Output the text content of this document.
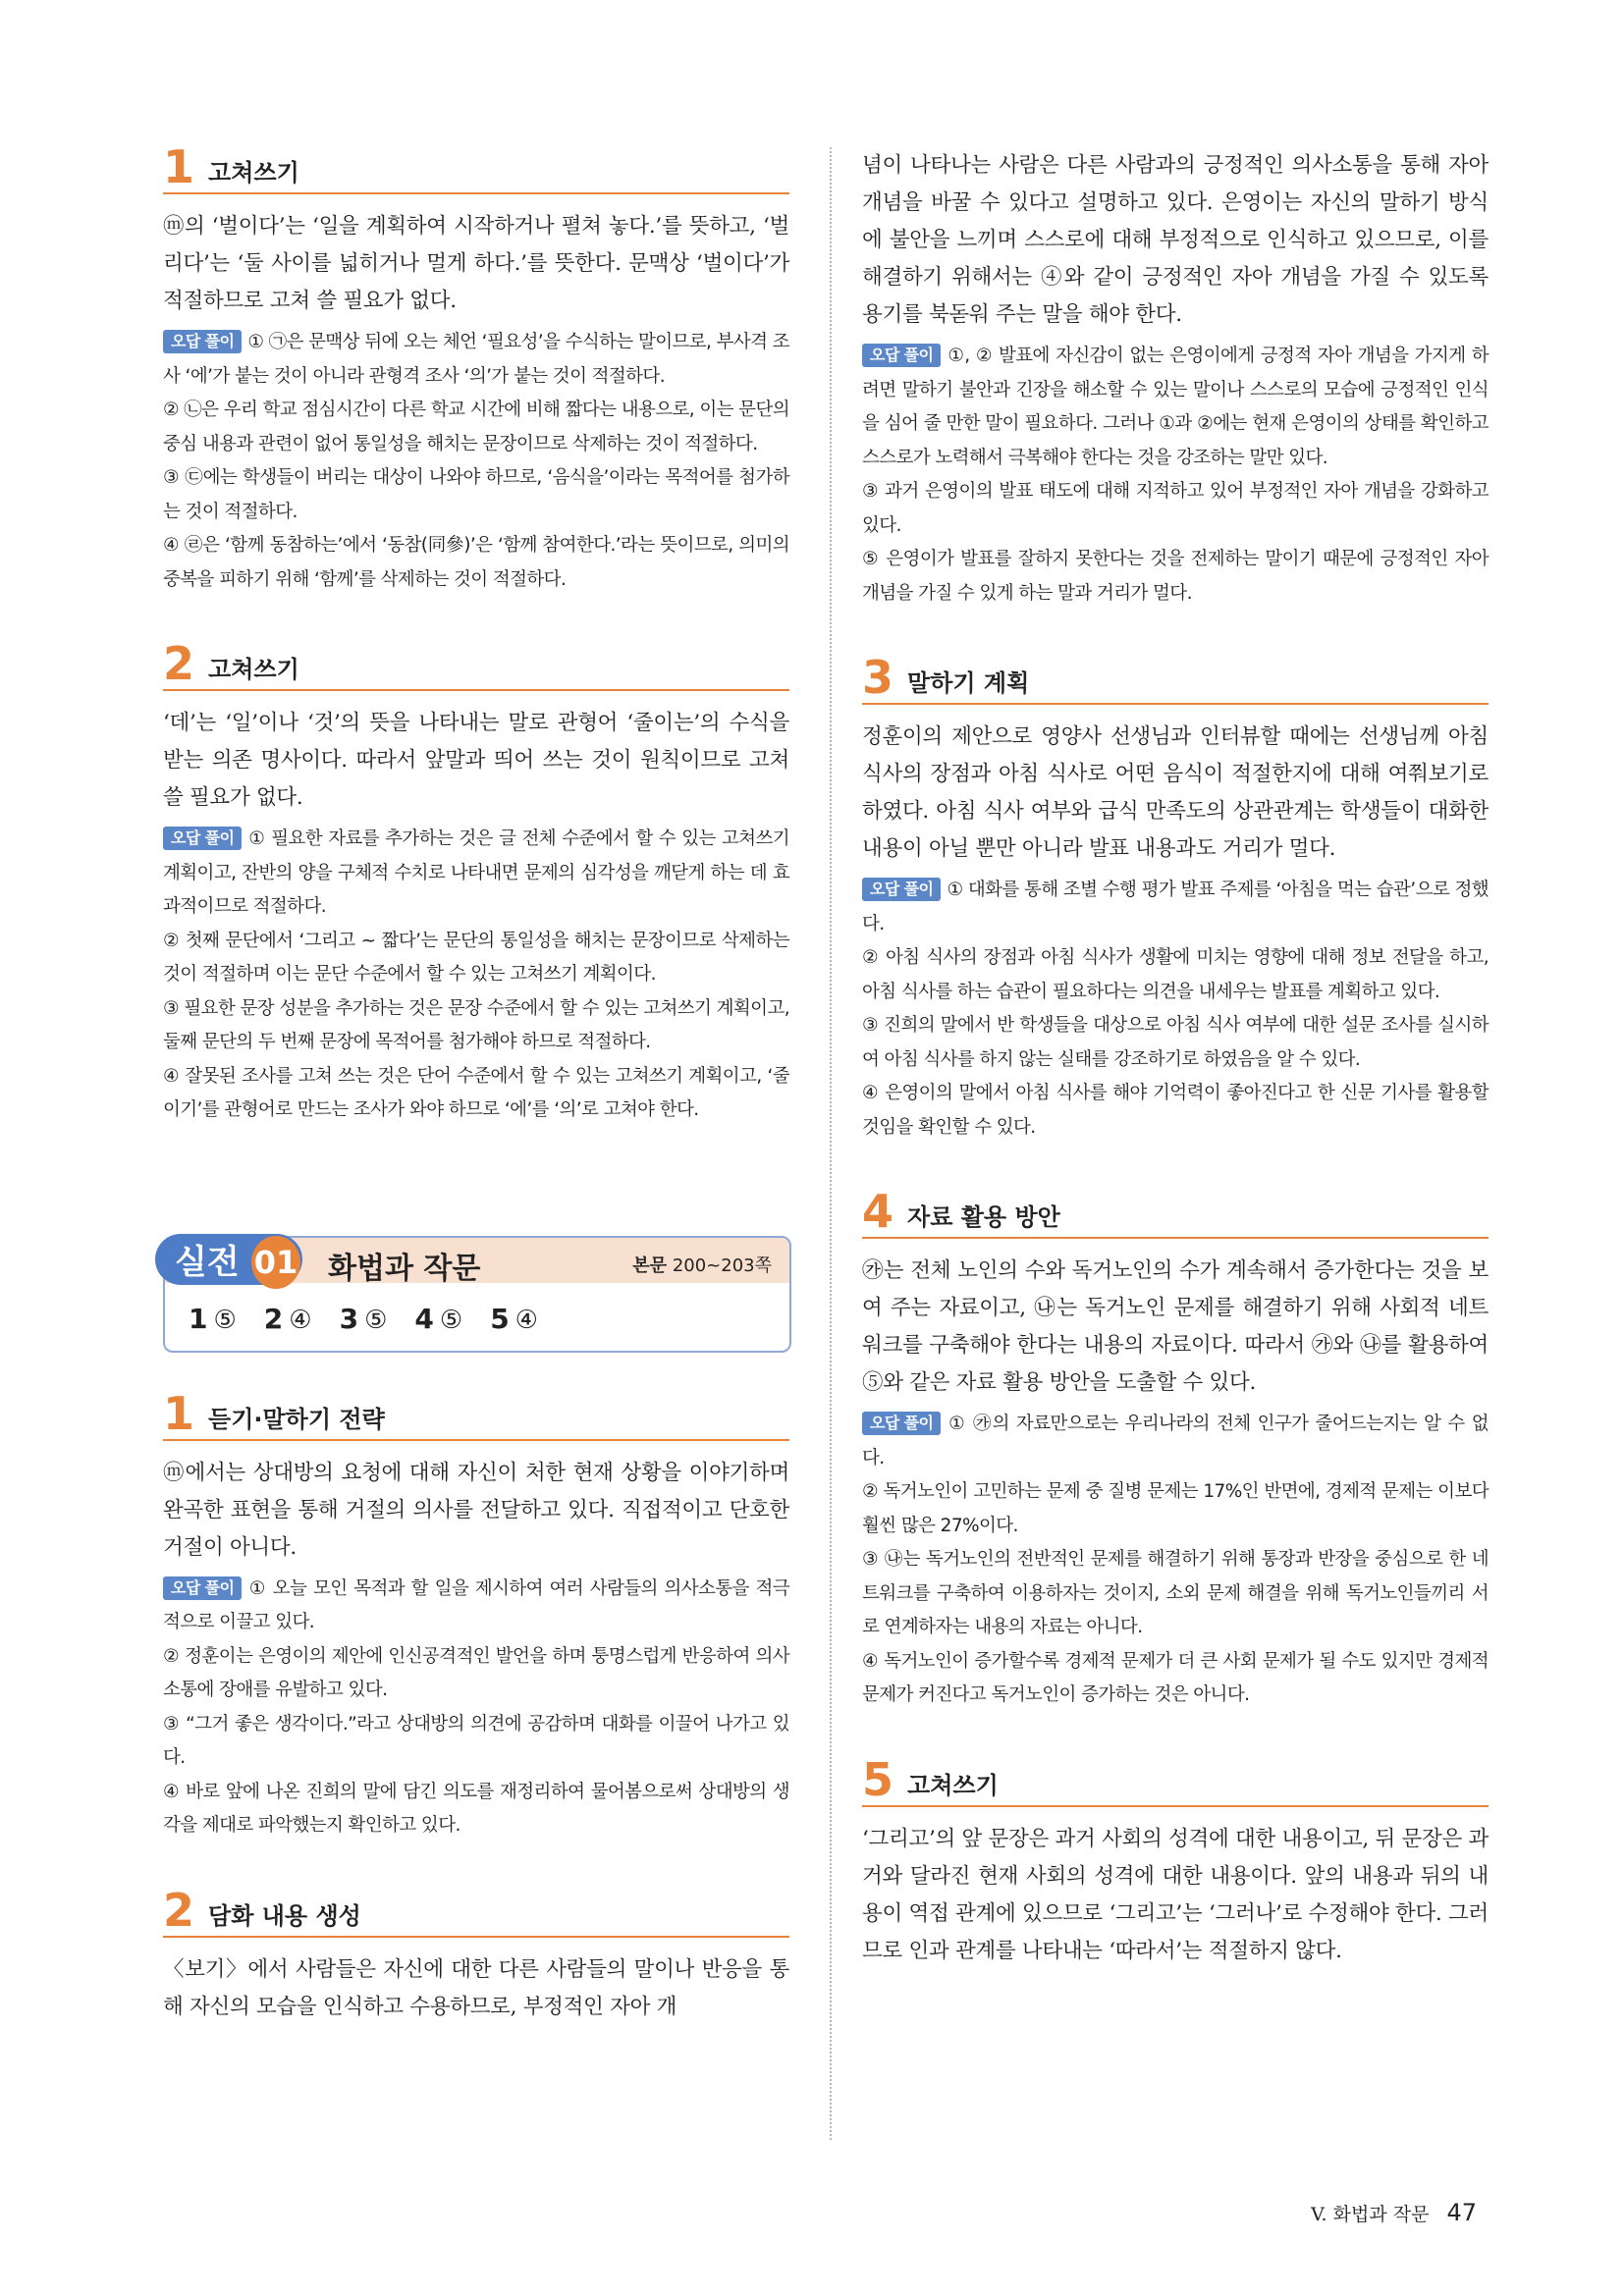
1 고쳐쓰기

ⓜ의 ‘벌이다’는 ‘일을 계획하여 시작하거나 펼쳐 놓다.’를 뜻하고, ‘벌리다’는 ‘둘 사이를 넓히거나 멀게 하다.’를 뜻한다. 문맥상 ‘벌이다’가 적절하므로 고쳐 쓸 필요가 없다.

오답 풀이 ① ㉠은 문맥상 뒤에 오는 체언 ‘필요성’을 수식하는 말이므로, 부사격 조사 ‘에’가 붙는 것이 아니라 관형격 조사 ‘의’가 붙는 것이 적절하다.

② ㉡은 우리 학교 점심시간이 다른 학교 시간에 비해 짧다는 내용으로, 이는 문단의 중심 내용과 관련이 없어 통일성을 해치는 문장이므로 삭제하는 것이 적절하다.

③ ㉢에는 학생들이 버리는 대상이 나와야 하므로, ‘음식을’이라는 목적어를 첨가하는 것이 적절하다.

④ ㉣은 ‘함께 동참하는’에서 ‘동참(同參)’은 ‘함께 참여한다.’라는 뜻이므로, 의미의 중복을 피하기 위해 ‘함께’를 삭제하는 것이 적절하다.

2 고쳐쓰기

‘데’는 ‘일’이나 ‘것’의 뜻을 나타내는 말로 관형어 ‘줄이는’의 수식을 받는 의존 명사이다. 따라서 앞말과 띄어 쓰는 것이 원칙이므로 고쳐 쓸 필요가 없다.

오답 풀이 ① 필요한 자료를 추가하는 것은 글 전체 수준에서 할 수 있는 고쳐쓰기 계획이고, 잔반의 양을 구체적 수치로 나타내면 문제의 심각성을 깨닫게 하는 데 효과적이므로 적절하다.

② 첫째 문단에서 ‘그리고 ~ 짧다’는 문단의 통일성을 해치는 문장이므로 삭제하는 것이 적절하며 이는 문단 수준에서 할 수 있는 고쳐쓰기 계획이다.

③ 필요한 문장 성분을 추가하는 것은 문장 수준에서 할 수 있는 고쳐쓰기 계획이고, 둘째 문단의 두 번째 문장에 목적어를 첨가해야 하므로 적절하다.

④ 잘못된 조사를 고쳐 쓰는 것은 단어 수준에서 할 수 있는 고쳐쓰기 계획이고, ‘줄이기’를 관형어로 만드는 조사가 와야 하므로 ‘에’를 ‘의’로 고쳐야 한다.

실전 01 화법과 작문	본문 200~203쪽
1 ⑤ 2 ④ 3 ⑤ 4 ⑤ 5 ④
1 듣기·말하기 전략

ⓜ에서는 상대방의 요청에 대해 자신이 처한 현재 상황을 이야기하며 완곡한 표현을 통해 거절의 의사를 전달하고 있다. 직접적이고 단호한 거절이 아니다.

오답 풀이 ① 오늘 모인 목적과 할 일을 제시하여 여러 사람들의 의사소통을 적극적으로 이끌고 있다.

② 정훈이는 은영이의 제안에 인신공격적인 발언을 하며 퉁명스럽게 반응하여 의사소통에 장애를 유발하고 있다.

③ “그거 좋은 생각이다.”라고 상대방의 의견에 공감하며 대화를 이끌어 나가고 있다.

④ 바로 앞에 나온 진희의 말에 담긴 의도를 재정리하여 물어봄으로써 상대방의 생각을 제대로 파악했는지 확인하고 있다.

2 담화 내용 생성

〈보기〉에서 사람들은 자신에 대한 다른 사람들의 말이나 반응을 통해 자신의 모습을 인식하고 수용하므로, 부정적인 자아 개

념이 나타나는 사람은 다른 사람과의 긍정적인 의사소통을 통해 자아 개념을 바꿀 수 있다고 설명하고 있다. 은영이는 자신의 말하기 방식에 불안을 느끼며 스스로에 대해 부정적으로 인식하고 있으므로, 이를 해결하기 위해서는 ④와 같이 긍정적인 자아 개념을 가질 수 있도록 용기를 북돋워 주는 말을 해야 한다.

오답 풀이 ①, ② 발표에 자신감이 없는 은영이에게 긍정적 자아 개념을 가지게 하려면 말하기 불안과 긴장을 해소할 수 있는 말이나 스스로의 모습에 긍정적인 인식을 심어 줄 만한 말이 필요하다. 그러나 ①과 ②에는 현재 은영이의 상태를 확인하고 스스로가 노력해서 극복해야 한다는 것을 강조하는 말만 있다.

③ 과거 은영이의 발표 태도에 대해 지적하고 있어 부정적인 자아 개념을 강화하고 있다.

⑤ 은영이가 발표를 잘하지 못한다는 것을 전제하는 말이기 때문에 긍정적인 자아 개념을 가질 수 있게 하는 말과 거리가 멀다.

3 말하기 계획

정훈이의 제안으로 영양사 선생님과 인터뷰할 때에는 선생님께 아침 식사의 장점과 아침 식사로 어떤 음식이 적절한지에 대해 여쭤보기로 하였다. 아침 식사 여부와 급식 만족도의 상관관계는 학생들이 대화한 내용이 아닐 뿐만 아니라 발표 내용과도 거리가 멀다.

오답 풀이 ① 대화를 통해 조별 수행 평가 발표 주제를 ‘아침을 먹는 습관’으로 정했다.

② 아침 식사의 장점과 아침 식사가 생활에 미치는 영향에 대해 정보 전달을 하고, 아침 식사를 하는 습관이 필요하다는 의견을 내세우는 발표를 계획하고 있다.

③ 진희의 말에서 반 학생들을 대상으로 아침 식사 여부에 대한 설문 조사를 실시하여 아침 식사를 하지 않는 실태를 강조하기로 하였음을 알 수 있다.

④ 은영이의 말에서 아침 식사를 해야 기억력이 좋아진다고 한 신문 기사를 활용할 것임을 확인할 수 있다.

4 자료 활용 방안

㉮는 전체 노인의 수와 독거노인의 수가 계속해서 증가한다는 것을 보여 주는 자료이고, ㉯는 독거노인 문제를 해결하기 위해 사회적 네트워크를 구축해야 한다는 내용의 자료이다. 따라서 ㉮와 ㉯를 활용하여 ⑤와 같은 자료 활용 방안을 도출할 수 있다.

오답 풀이 ① ㉮의 자료만으로는 우리나라의 전체 인구가 줄어드는지는 알 수 없다.

② 독거노인이 고민하는 문제 중 질병 문제는 17%인 반면에, 경제적 문제는 이보다 훨씬 많은 27%이다.

③ ㉯는 독거노인의 전반적인 문제를 해결하기 위해 통장과 반장을 중심으로 한 네트워크를 구축하여 이용하자는 것이지, 소외 문제 해결을 위해 독거노인들끼리 서로 연계하자는 내용의 자료는 아니다.

④ 독거노인이 증가할수록 경제적 문제가 더 큰 사회 문제가 될 수도 있지만 경제적 문제가 커진다고 독거노인이 증가하는 것은 아니다.

5 고쳐쓰기

‘그리고’의 앞 문장은 과거 사회의 성격에 대한 내용이고, 뒤 문장은 과거와 달라진 현재 사회의 성격에 대한 내용이다. 앞의 내용과 뒤의 내용이 역접 관계에 있으므로 ‘그리고’는 ‘그러나’로 수정해야 한다. 그러므로 인과 관계를 나타내는 ‘따라서’는 적절하지 않다.

V. 화법과 작문 47
